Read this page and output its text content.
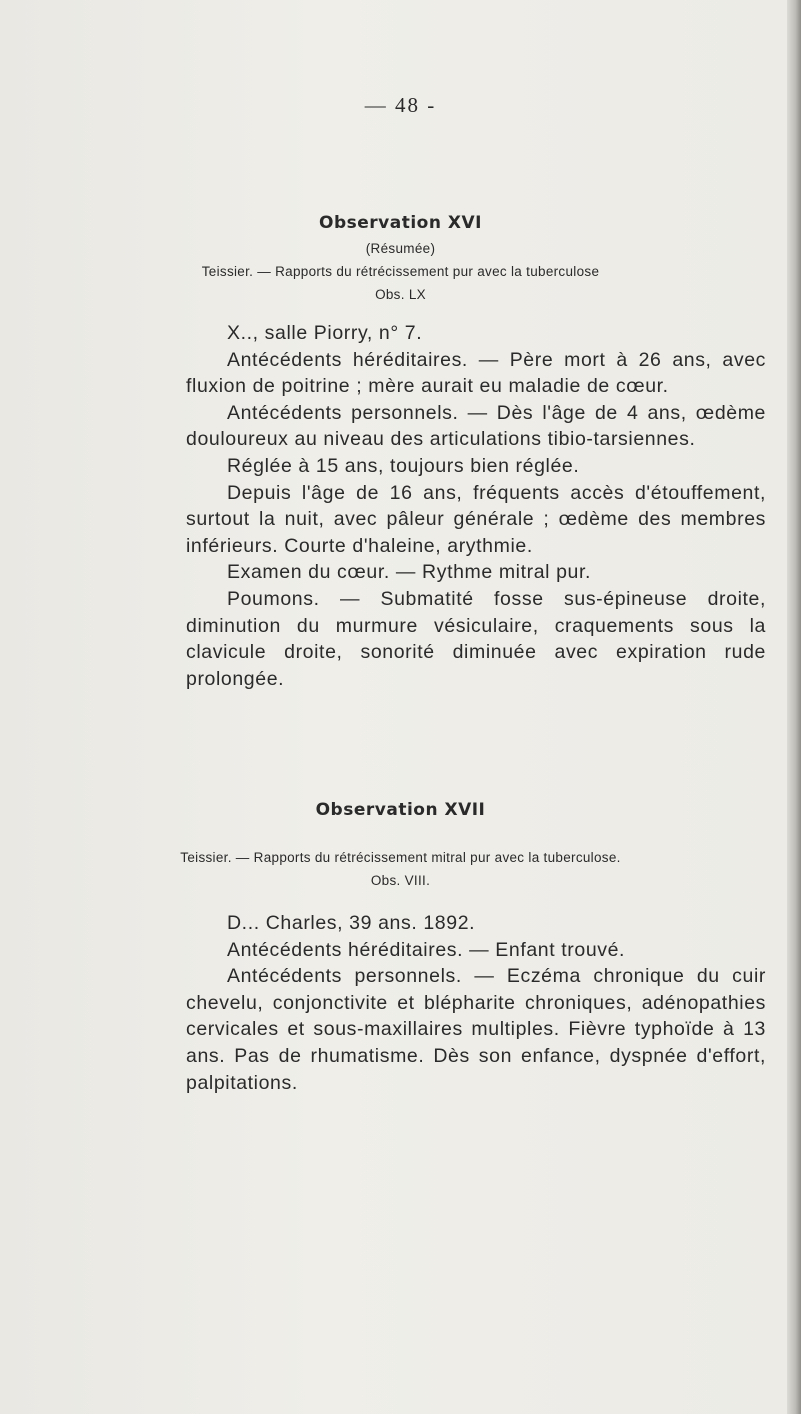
— 48 -
Observation XVI
(Résumée)
Teissier. — Rapports du rétrécissement pur avec la tuberculose
Obs. LX

X.., salle Piorry, n° 7.

Antécédents héréditaires. — Père mort à 26 ans, avec fluxion de poitrine ; mère aurait eu maladie de cœur.

Antécédents personnels. — Dès l'âge de 4 ans, œdème douloureux au niveau des articulations tibio-tarsiennes.

Réglée à 15 ans, toujours bien réglée.

Depuis l'âge de 16 ans, fréquents accès d'étouffement, surtout la nuit, avec pâleur générale ; œdème des membres inférieurs. Courte d'haleine, arythmie.

Examen du cœur. — Rythme mitral pur.

Poumons. — Submatité fosse sus-épineuse droite, diminution du murmure vésiculaire, craquements sous la clavicule droite, sonorité diminuée avec expiration rude prolongée.

Observation XVII
Teissier. — Rapports du rétrécissement mitral pur avec la tuberculose.
Obs. VIII.

D... Charles, 39 ans. 1892.

Antécédents héréditaires. — Enfant trouvé.

Antécédents personnels. — Eczéma chronique du cuir chevelu, conjonctivite et blépharite chroniques, adénopathies cervicales et sous-maxillaires multiples. Fièvre typhoïde à 13 ans. Pas de rhumatisme. Dès son enfance, dyspnée d'effort, palpitations.
